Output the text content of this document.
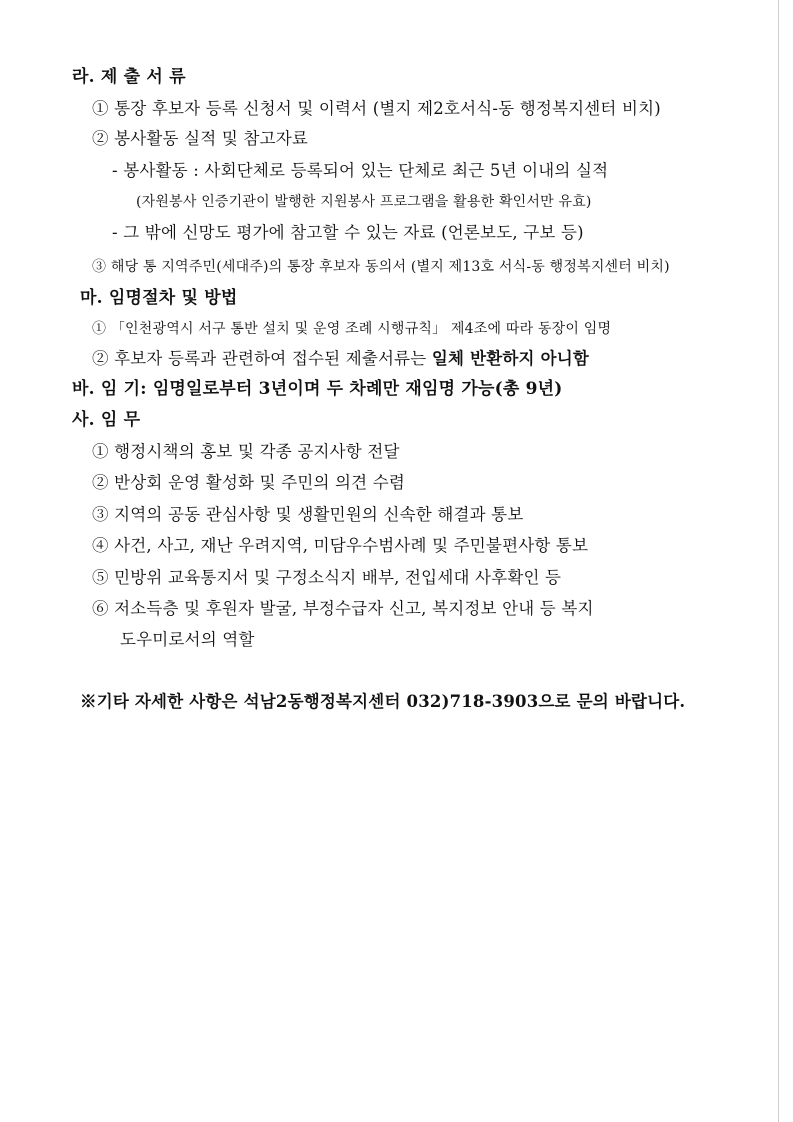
라. 제 출 서 류
① 통장 후보자 등록 신청서 및 이력서 (별지 제2호서식-동 행정복지센터 비치)
② 봉사활동 실적 및 참고자료
- 봉사활동 : 사회단체로 등록되어 있는 단체로 최근 5년 이내의 실적
(자원봉사 인증기관이 발행한 지원봉사 프로그램을 활용한 확인서만 유효)
- 그 밖에 신망도 평가에 참고할 수 있는 자료 (언론보도, 구보 등)
③ 해당 통 지역주민(세대주)의 통장 후보자 동의서 (별지 제13호 서식-동 행정복지센터 비치)
마. 임명절차 및 방법
① 「인천광역시 서구 통반 설치 및 운영 조례 시행규칙」 제4조에 따라 동장이 임명
② 후보자 등록과 관련하여 접수된 제출서류는 일체 반환하지 아니함
바. 임 기: 임명일로부터 3년이며 두 차례만 재임명 가능(총 9년)
사. 임 무
① 행정시책의 홍보 및 각종 공지사항 전달
② 반상회 운영 활성화 및 주민의 의견 수렴
③ 지역의 공동 관심사항 및 생활민원의 신속한 해결과 통보
④ 사건, 사고, 재난 우려지역, 미담우수범사례 및 주민불편사항 통보
⑤ 민방위 교육통지서 및 구정소식지 배부, 전입세대 사후확인 등
⑥ 저소득층 및 후원자 발굴, 부정수급자 신고, 복지정보 안내 등 복지
도우미로서의 역할
※기타 자세한 사항은 석남2동행정복지센터 032)718-3903으로 문의 바랍니다.
